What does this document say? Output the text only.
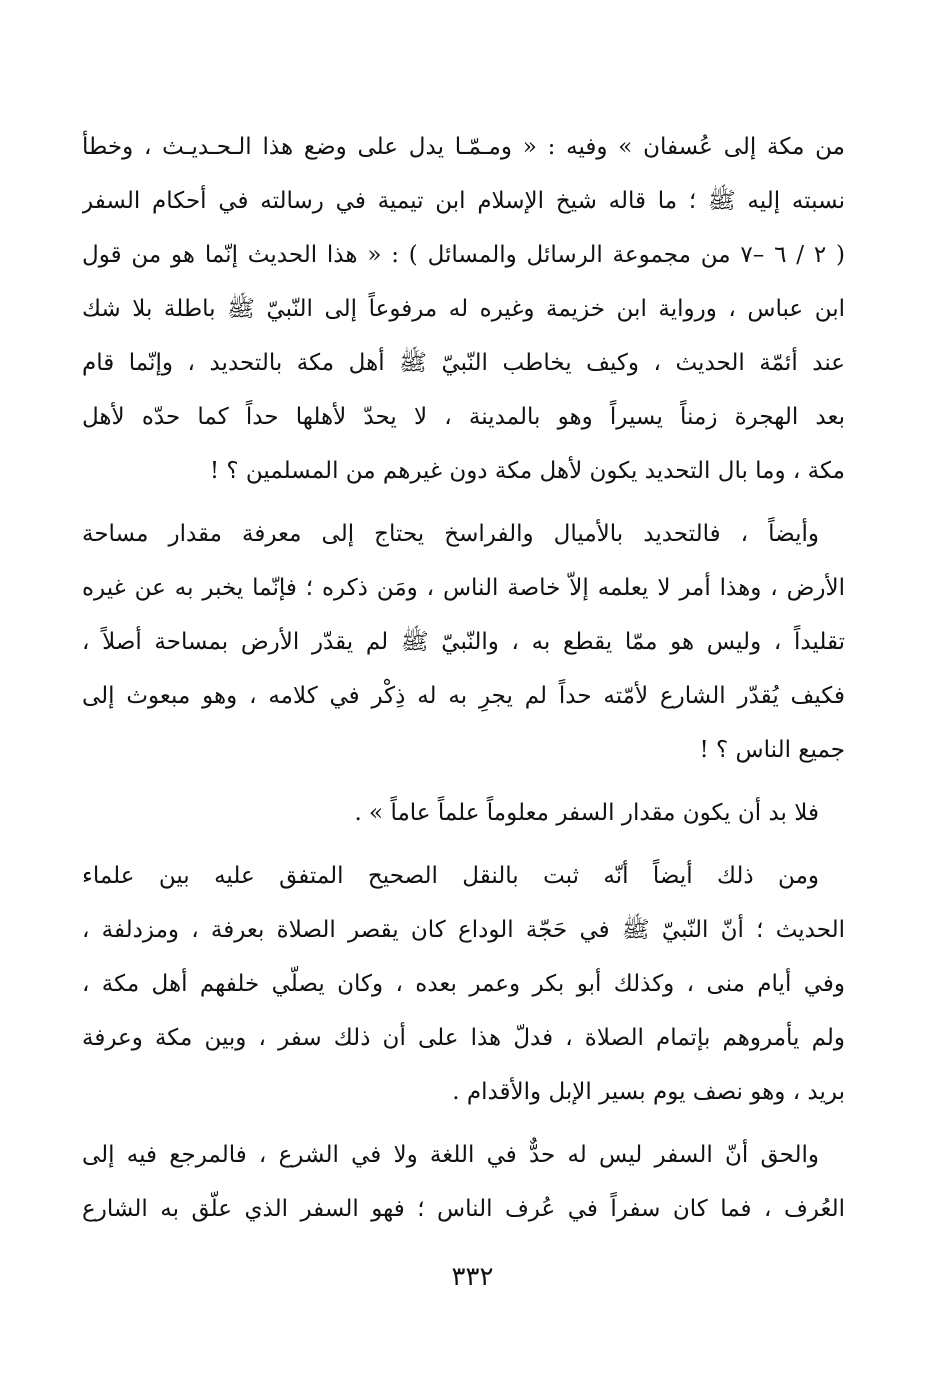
من مكة إلى عُسفان » وفيه : « ومـمّـا يدل على وضع هذا الـحـديـث ، وخطأ
نسبته إليه ﷺ ؛ ما قاله شيخ الإسلام ابن تيمية في رسالته في أحكام السفر
( ٢ / ٦ –٧ من مجموعة الرسائل والمسائل ) : « هذا الحديث إنّما هو من قول
ابن عباس ، ورواية ابن خزيمة وغيره له مرفوعاً إلى النّبيّ ﷺ باطلة بلا شك
عند أئمّة الحديث ، وكيف يخاطب النّبيّ ﷺ أهل مكة بالتحديد ، وإنّما قام
بعد الهجرة زمناً يسيراً وهو بالمدينة ، لا يحدّ لأهلها حداً كما حدّه لأهل
مكة ، وما بال التحديد يكون لأهل مكة دون غيرهم من المسلمين ؟ !
وأيضاً ، فالتحديد بالأميال والفراسخ يحتاج إلى معرفة مقدار مساحة
الأرض ، وهذا أمر لا يعلمه إلاّ خاصة الناس ، ومَن ذكره ؛ فإنّما يخبر به عن غيره
تقليداً ، وليس هو ممّا يقطع به ، والنّبيّ ﷺ لم يقدّر الأرض بمساحة أصلاً ،
فكيف يُقدّر الشارع لأمّته حداً لم يجرِ به له ذِكْر في كلامه ، وهو مبعوث إلى
جميع الناس ؟ !
فلا بد أن يكون مقدار السفر معلوماً علماً عاماً » .
ومن ذلك أيضاً أنّه ثبت بالنقل الصحيح المتفق عليه بين علماء
الحديث ؛ أنّ النّبيّ ﷺ في حَجّة الوداع كان يقصر الصلاة بعرفة ، ومزدلفة ،
وفي أيام منى ، وكذلك أبو بكر وعمر بعده ، وكان يصلّي خلفهم أهل مكة ،
ولم يأمروهم بإتمام الصلاة ، فدلّ هذا على أن ذلك سفر ، وبين مكة وعرفة
بريد ، وهو نصف يوم بسير الإبل والأقدام .
والحق أنّ السفر ليس له حدٌّ في اللغة ولا في الشرع ، فالمرجع فيه إلى
العُرف ، فما كان سفراً في عُرف الناس ؛ فهو السفر الذي علّق به الشارع
٣٣٢
